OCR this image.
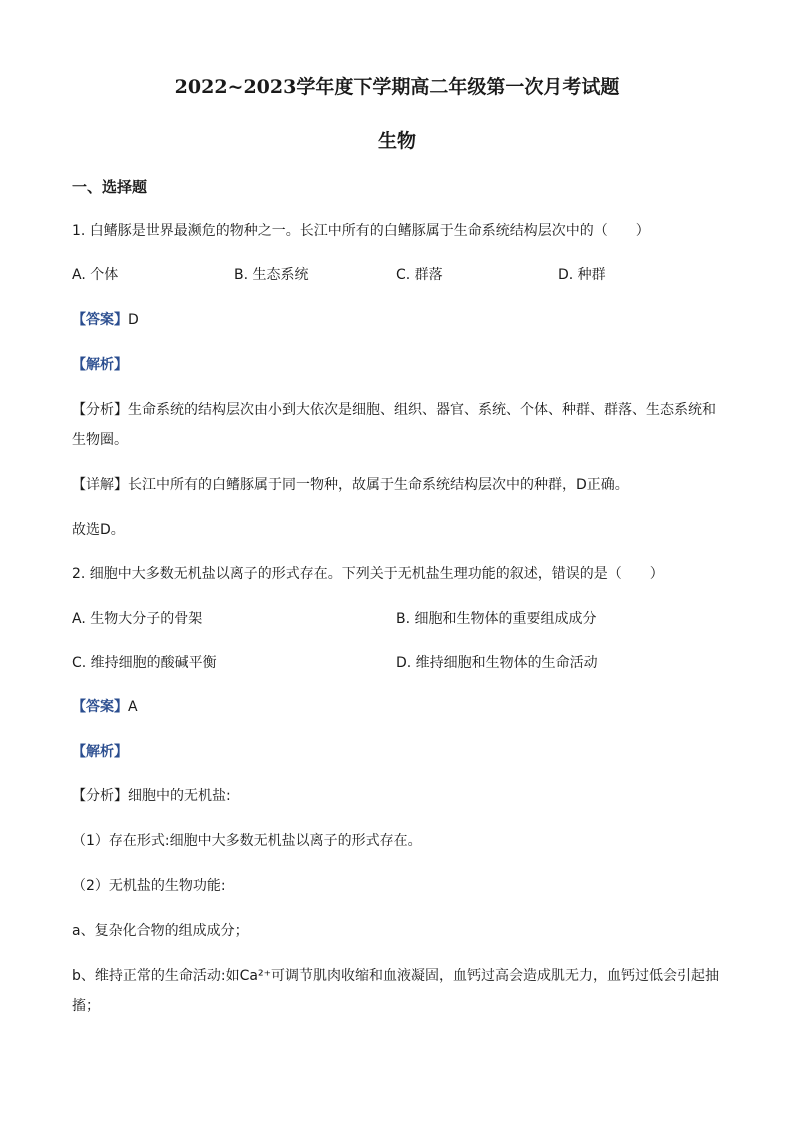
2022~2023学年度下学期高二年级第一次月考试题
生物
一、选择题
1. 白鳍豚是世界最濒危的物种之一。长江中所有的白鳍豚属于生命系统结构层次中的（　　）
A. 个体	B. 生态系统	C. 群落	D. 种群
【答案】D
【解析】
【分析】生命系统的结构层次由小到大依次是细胞、组织、器官、系统、个体、种群、群落、生态系统和生物圈。
【详解】长江中所有的白鳍豚属于同一物种，故属于生命系统结构层次中的种群，D正确。
故选D。
2. 细胞中大多数无机盐以离子的形式存在。下列关于无机盐生理功能的叙述，错误的是（　　）
A. 生物大分子的骨架	B. 细胞和生物体的重要组成成分
C. 维持细胞的酸碱平衡	D. 维持细胞和生物体的生命活动
【答案】A
【解析】
【分析】细胞中的无机盐:
（1）存在形式:细胞中大多数无机盐以离子的形式存在。
（2）无机盐的生物功能:
a、复杂化合物的组成成分；
b、维持正常的生命活动:如Ca²⁺可调节肌肉收缩和血液凝固，血钙过高会造成肌无力，血钙过低会引起抽搐；
